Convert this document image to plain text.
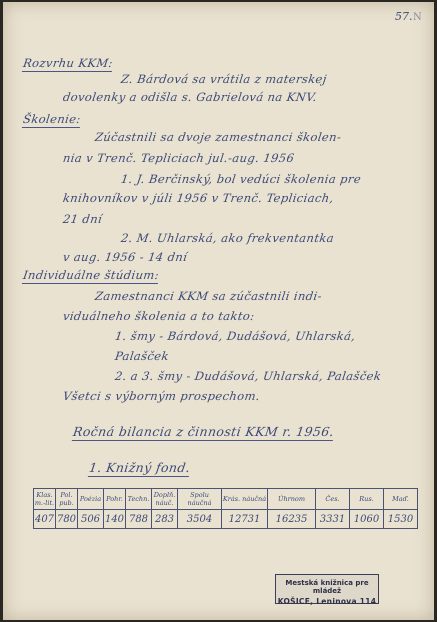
57. N
Rozvrhu KKM:
Z. Bárdová sa vrátila z materskej
dovolenky a odišla s. Gabrielová na KNV.
Školenie:
Zúčastnili sa dvoje zamestnanci školen-
nia v Trenč. Tepliciach jul.-aug. 1956
1. J. Berčinský, bol vedúci školenia pre
knihovníkov v júli 1956 v Trenč. Tepliciach,
21 dní
2. M. Uhlarská, ako frekventantka
v aug. 1956 - 14 dní
Individuálne štúdium:
Zamestnanci KKM sa zúčastnili indi-
viduálneho školenia a to takto:
1. šmy - Bárdová, Dudášová, Uhlarská,
Palašček
2. a 3. šmy - Dudášová, Uhlarská, Palašček
Všetci s výborným prospechom.
Ročná bilancia z činnosti KKM r. 1956.
1. Knižný fond.
Klas. m.-lit.	Pol. pub.	Poézia	Pohr.	Techn.	Doplň. náuč.	Spolu náučná	Krás. náučná	Úhrnom	Čes.	Rus.	Maď.
407	780	506	140	788	283	3504	12731	16235	3331	1060	1530
Mestská knižnica pre mládež
KOŠICE, Leninova 114
